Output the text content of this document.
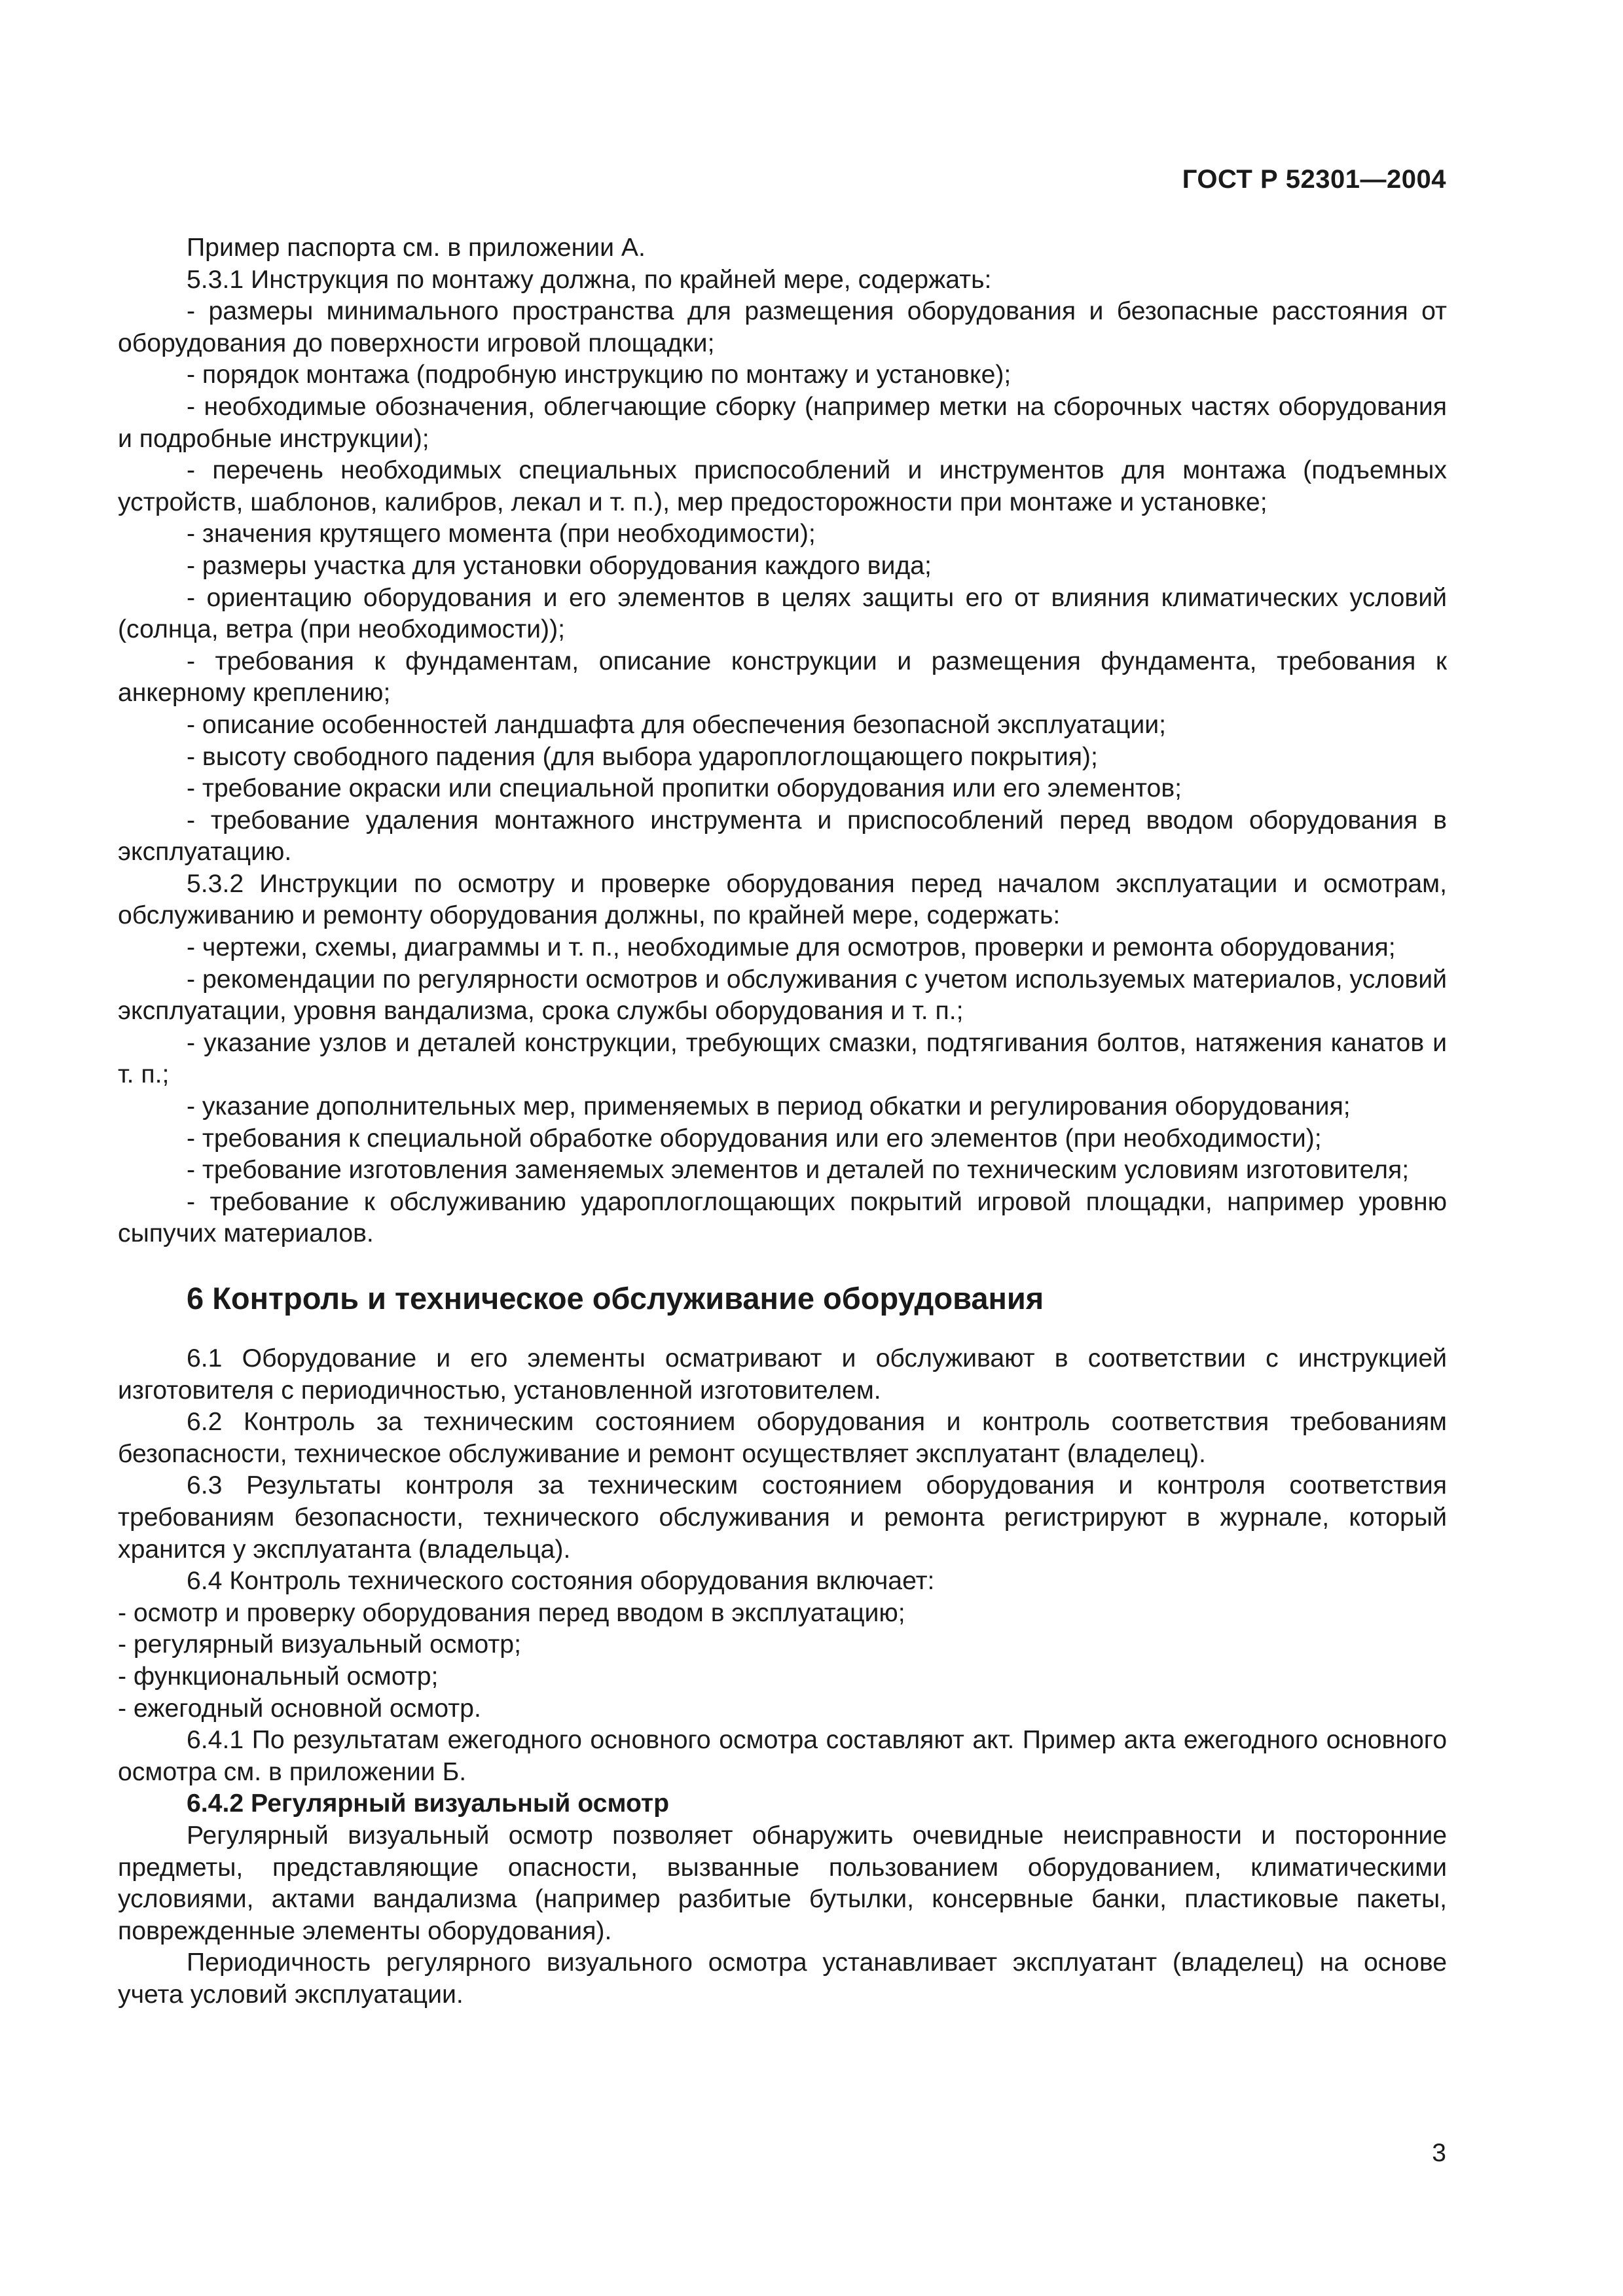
ГОСТ Р 52301—2004

Пример паспорта см. в приложении А.

5.3.1 Инструкция по монтажу должна, по крайней мере, содержать:

- размеры минимального пространства для размещения оборудования и безопасные расстояния от оборудования до поверхности игровой площадки;

- порядок монтажа (подробную инструкцию по монтажу и установке);

- необходимые обозначения, облегчающие сборку (например метки на сборочных частях оборудования и подробные инструкции);

- перечень необходимых специальных приспособлений и инструментов для монтажа (подъемных устройств, шаблонов, калибров, лекал и т. п.), мер предосторожности при монтаже и установке;

- значения крутящего момента (при необходимости);

- размеры участка для установки оборудования каждого вида;

- ориентацию оборудования и его элементов в целях защиты его от влияния климатических условий (солнца, ветра (при необходимости));

- требования к фундаментам, описание конструкции и размещения фундамента, требования к анкерному креплению;

- описание особенностей ландшафта для обеспечения безопасной эксплуатации;

- высоту свободного падения (для выбора удароплоглощающего покрытия);

- требование окраски или специальной пропитки оборудования или его элементов;

- требование удаления монтажного инструмента и приспособлений перед вводом оборудования в эксплуатацию.

5.3.2 Инструкции по осмотру и проверке оборудования перед началом эксплуатации и осмотрам, обслуживанию и ремонту оборудования должны, по крайней мере, содержать:

- чертежи, схемы, диаграммы и т. п., необходимые для осмотров, проверки и ремонта оборудования;

- рекомендации по регулярности осмотров и обслуживания с учетом используемых материалов, условий эксплуатации, уровня вандализма, срока службы оборудования и т. п.;

- указание узлов и деталей конструкции, требующих смазки, подтягивания болтов, натяжения канатов и т. п.;

- указание дополнительных мер, применяемых в период обкатки и регулирования оборудования;

- требования к специальной обработке оборудования или его элементов (при необходимости);

- требование изготовления заменяемых элементов и деталей по техническим условиям изготовителя;

- требование к обслуживанию удароплоглощающих покрытий игровой площадки, например уровню сыпучих материалов.

6 Контроль и техническое обслуживание оборудования

6.1 Оборудование и его элементы осматривают и обслуживают в соответствии с инструкцией изготовителя с периодичностью, установленной изготовителем.

6.2 Контроль за техническим состоянием оборудования и контроль соответствия требованиям безопасности, техническое обслуживание и ремонт осуществляет эксплуатант (владелец).

6.3 Результаты контроля за техническим состоянием оборудования и контроля соответствия требованиям безопасности, технического обслуживания и ремонта регистрируют в журнале, который хранится у эксплуатанта (владельца).

6.4 Контроль технического состояния оборудования включает:

- осмотр и проверку оборудования перед вводом в эксплуатацию;

- регулярный визуальный осмотр;

- функциональный осмотр;

- ежегодный основной осмотр.

6.4.1 По результатам ежегодного основного осмотра составляют акт. Пример акта ежегодного основного осмотра см. в приложении Б.

6.4.2 Регулярный визуальный осмотр

Регулярный визуальный осмотр позволяет обнаружить очевидные неисправности и посторонние предметы, представляющие опасности, вызванные пользованием оборудованием, климатическими условиями, актами вандализма (например разбитые бутылки, консервные банки, пластиковые пакеты, поврежденные элементы оборудования).

Периодичность регулярного визуального осмотра устанавливает эксплуатант (владелец) на основе учета условий эксплуатации.

3
